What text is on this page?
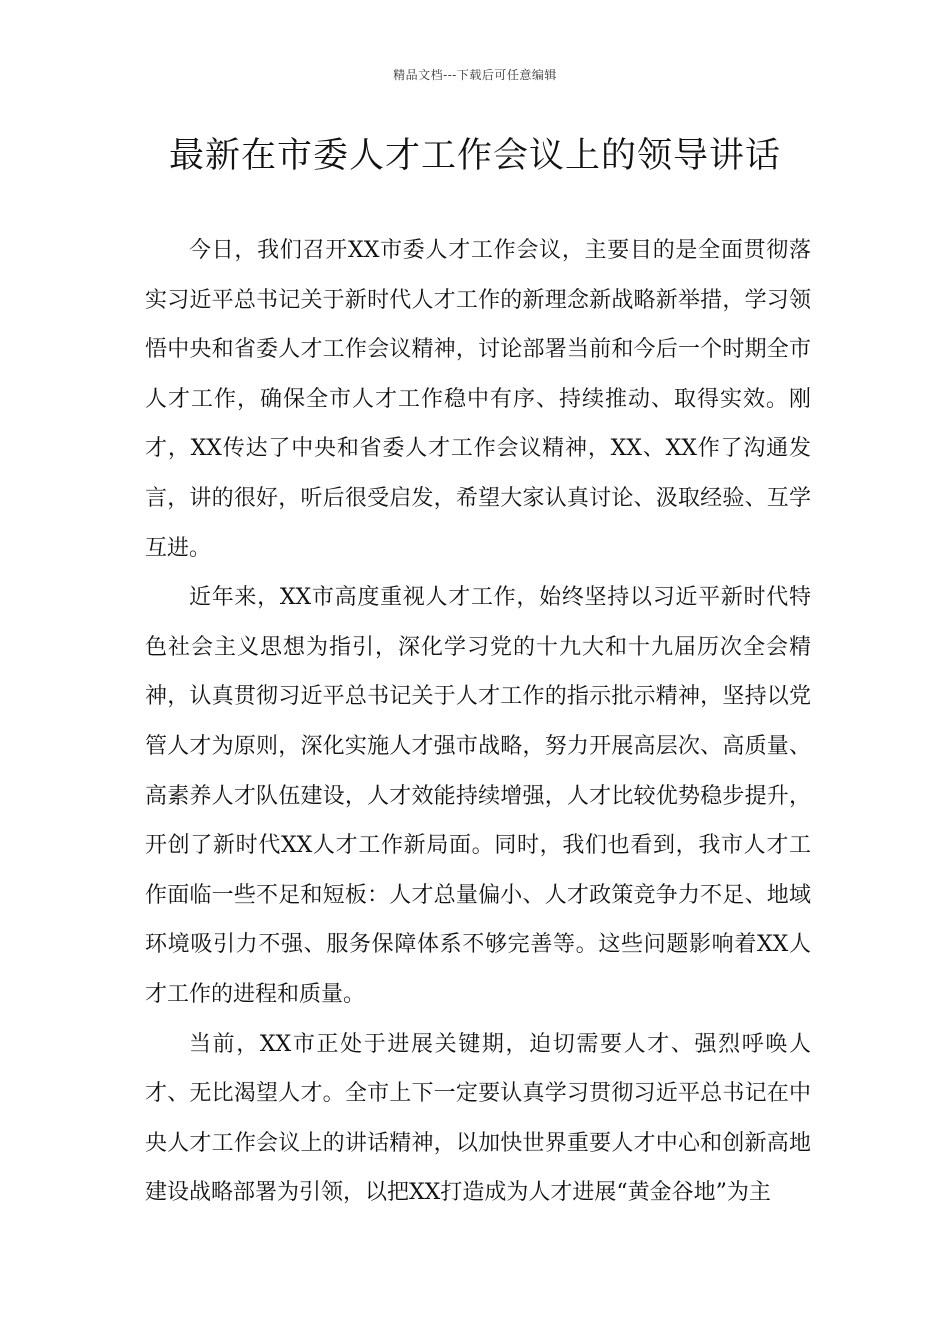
精品文档---下载后可任意编辑
最新在市委人才工作会议上的领导讲话

今日，我们召开XX市委人才工作会议，主要目的是全面贯彻落实习近平总书记关于新时代人才工作的新理念新战略新举措，学习领悟中央和省委人才工作会议精神，讨论部署当前和今后一个时期全市人才工作，确保全市人才工作稳中有序、持续推动、取得实效。刚才，XX传达了中央和省委人才工作会议精神，XX、XX作了沟通发言，讲的很好，听后很受启发，希望大家认真讨论、汲取经验、互学互进。

近年来，XX市高度重视人才工作，始终坚持以习近平新时代特色社会主义思想为指引，深化学习党的十九大和十九届历次全会精神，认真贯彻习近平总书记关于人才工作的指示批示精神，坚持以党管人才为原则，深化实施人才强市战略，努力开展高层次、高质量、高素养人才队伍建设，人才效能持续增强，人才比较优势稳步提升，开创了新时代XX人才工作新局面。同时，我们也看到，我市人才工作面临一些不足和短板：人才总量偏小、人才政策竞争力不足、地域环境吸引力不强、服务保障体系不够完善等。这些问题影响着XX人才工作的进程和质量。

当前，XX市正处于进展关键期，迫切需要人才、强烈呼唤人才、无比渴望人才。全市上下一定要认真学习贯彻习近平总书记在中央人才工作会议上的讲话精神，以加快世界重要人才中心和创新高地建设战略部署为引领，以把XX打造成为人才进展“黄金谷地”为主
